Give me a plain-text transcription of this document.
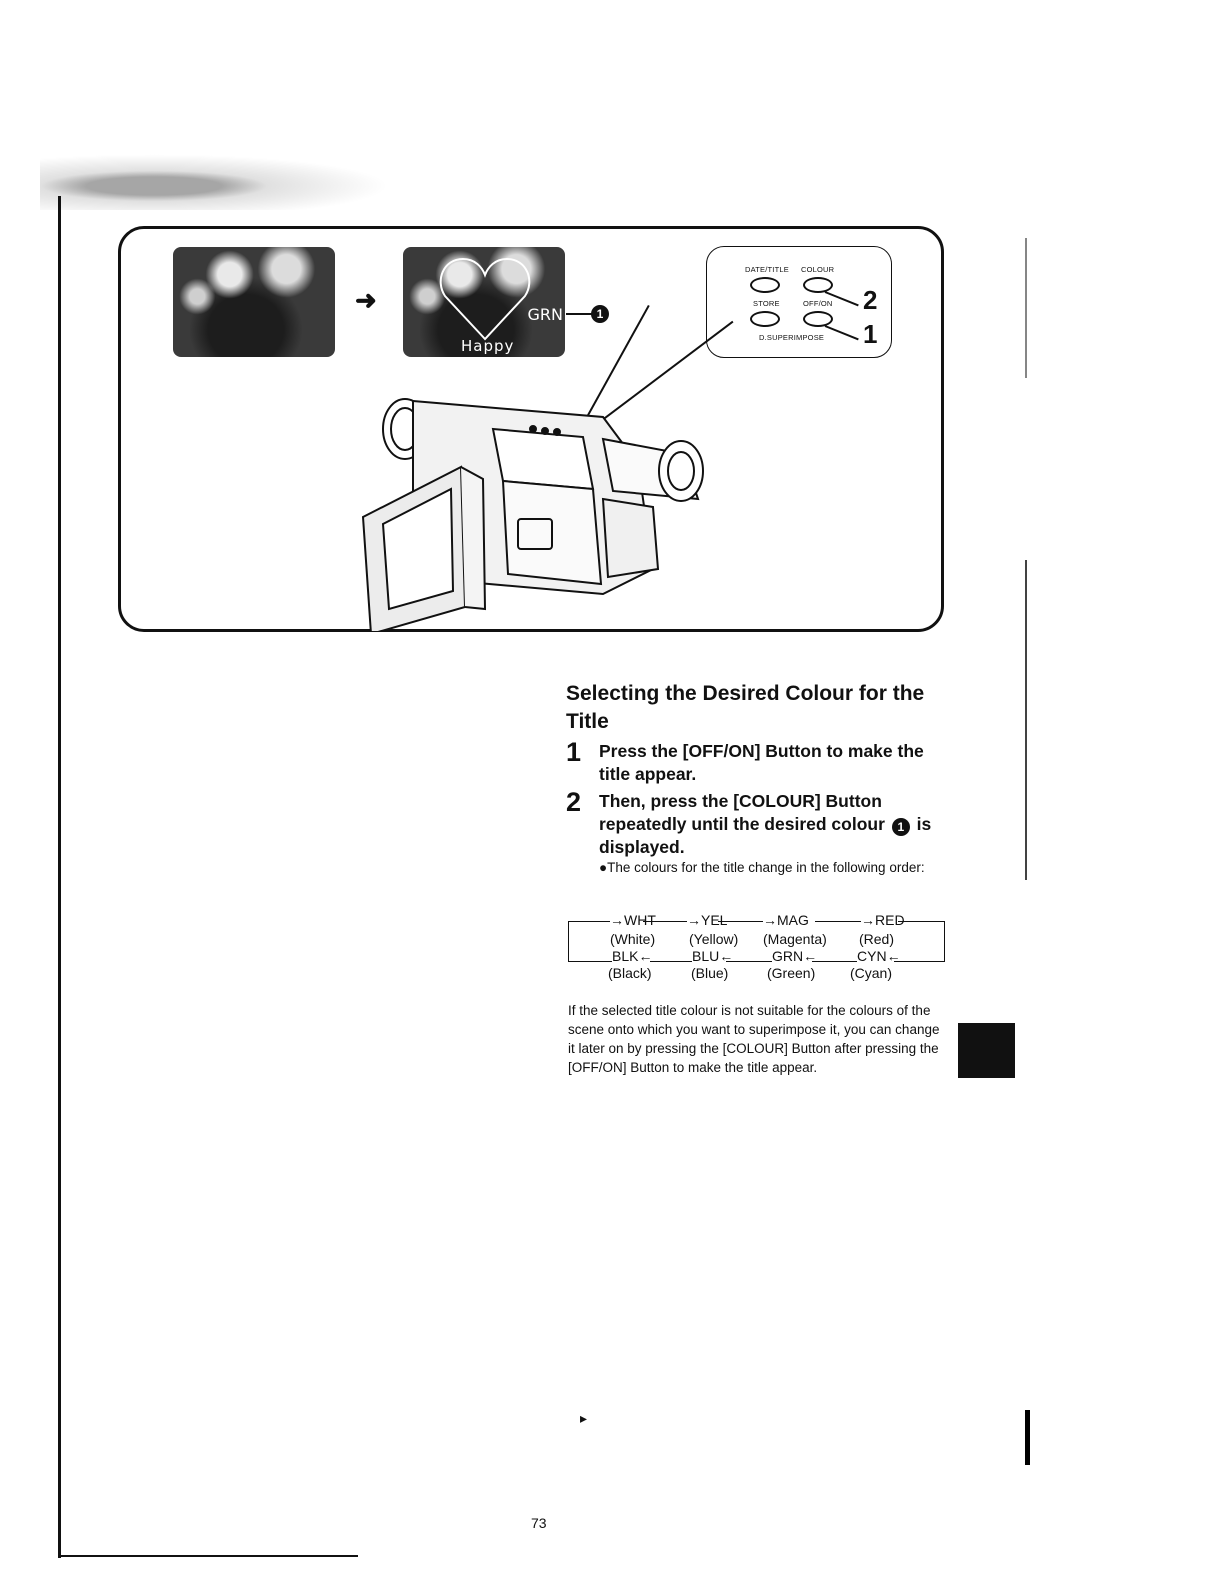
➜	GRN
Happy
1
DATE/TITLE COLOUR
STORE	OFF/ON
D.SUPERIMPOSE
2
1
Selecting the Desired Colour for the Title
1 Press the [OFF/ON] Button to make the title appear.
2 Then, press the [COLOUR] Button repeatedly until the desired colour 1 is displayed.
●The colours for the title change in the following order:
→WHT →YEL	→MAG	→RED
(White) (Yellow) (Magenta) (Red)
BLK←	BLU←	GRN←	CYN←
(Black)	(Blue)	(Green) (Cyan)
If the selected title colour is not suitable for the colours of the scene onto which you want to superimpose it, you can change it later on by pressing the [COLOUR] Button after pressing the [OFF/ON] Button to make the title appear.
▸
73
